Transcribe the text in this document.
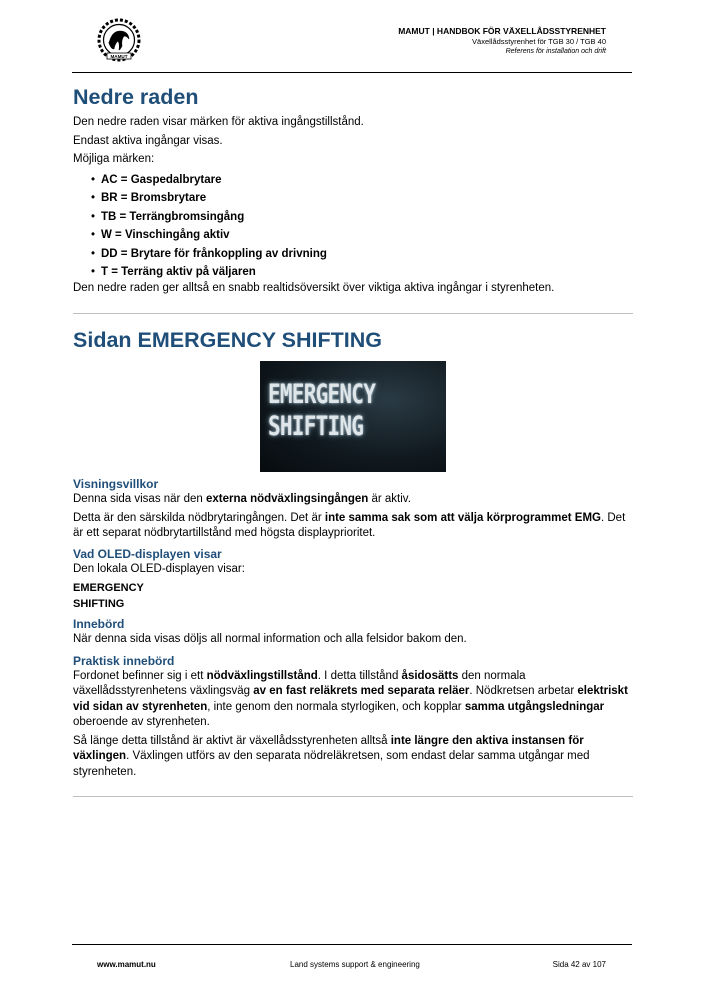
MAMUT
MAMUT | HANDBOK FÖR VÄXELLÅDSSTYRENHET
Växellådsstyrenhet för TGB 30 / TGB 40
Referens för installation och drift
Nedre raden

Den nedre raden visar märken för aktiva ingångstillstånd.

Endast aktiva ingångar visas.

Möjliga märken:

• AC = Gaspedalbrytare
• BR = Bromsbrytare
• TB = Terrängbromsingång
• W = Vinschingång aktiv
• DD = Brytare för frånkoppling av drivning
• T = Terräng aktiv på väljaren

Den nedre raden ger alltså en snabb realtidsöversikt över viktiga aktiva ingångar i styrenheten.

Sidan EMERGENCY SHIFTING
EMERGENCY
SHIFTING
Visningsvillkor

Denna sida visas när den externa nödväxlingsingången är aktiv.

Detta är den särskilda nödbrytaringången. Det är inte samma sak som att välja körprogrammet EMG. Det är ett separat nödbrytartillstånd med högsta displayprioritet.

Vad OLED-displayen visar

Den lokala OLED-displayen visar:

EMERGENCY

SHIFTING

Innebörd

När denna sida visas döljs all normal information och alla felsidor bakom den.

Praktisk innebörd

Fordonet befinner sig i ett nödväxlingstillstånd. I detta tillstånd åsidosätts den normala växellådsstyrenhetens växlingsväg av en fast reläkrets med separata reläer. Nödkretsen arbetar elektriskt vid sidan av styrenheten, inte genom den normala styrlogiken, och kopplar samma utgångsledningar oberoende av styrenheten.

Så länge detta tillstånd är aktivt är växellådsstyrenheten alltså inte längre den aktiva instansen för växlingen. Växlingen utförs av den separata nödreläkretsen, som endast delar samma utgångar med styrenheten.

www.mamut.nu	Land systems support & engineering	Sida 42 av 107
